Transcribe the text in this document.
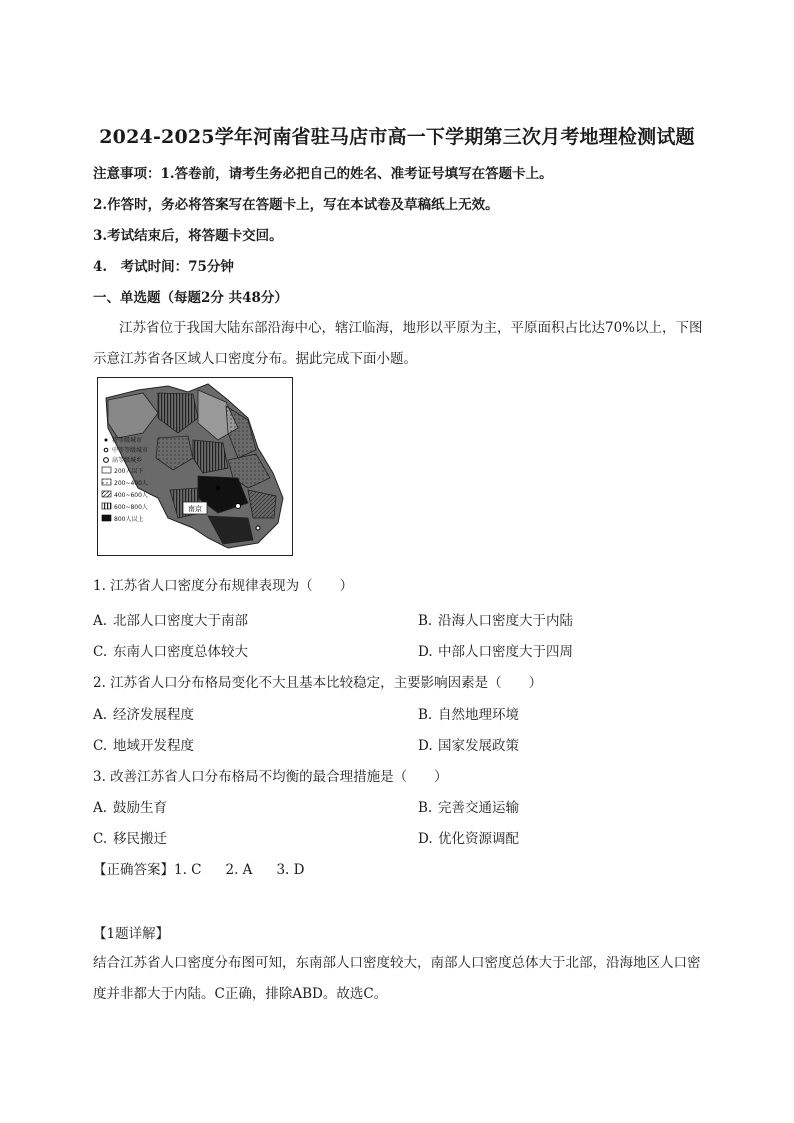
2024-2025学年河南省驻马店市高一下学期第三次月考地理检测试题
注意事项：1.答卷前，请考生务必把自己的姓名、准考证号填写在答题卡上。
2.作答时，务必将答案写在答题卡上，写在本试卷及草稿纸上无效。
3.考试结束后，将答题卡交回。
4.　考试时间：75分钟
一、单选题（每题2分 共48分）
江苏省位于我国大陆东部沿海中心，辖江临海，地形以平原为主，平原面积占比达70%以上，下图示意江苏省各区域人口密度分布。据此完成下面小题。
南京
特等级城市
中等等级城市
高等级城乡
200人以下
200~400人
400~600人
600~800人
800人以上
1. 江苏省人口密度分布规律表现为（　　）
A. 北部人口密度大于南部	B. 沿海人口密度大于内陆
C. 东南人口密度总体较大	D. 中部人口密度大于四周
2. 江苏省人口分布格局变化不大且基本比较稳定，主要影响因素是（　　）
A. 经济发展程度	B. 自然地理环境
C. 地域开发程度	D. 国家发展政策
3. 改善江苏省人口分布格局不均衡的最合理措施是（　　）
A. 鼓励生育	B. 完善交通运输
C. 移民搬迁	D. 优化资源调配
【正确答案】1. C 2. A 3. D
【1题详解】
结合江苏省人口密度分布图可知，东南部人口密度较大，南部人口密度总体大于北部，沿海地区人口密度并非都大于内陆。C正确，排除ABD。故选C。
